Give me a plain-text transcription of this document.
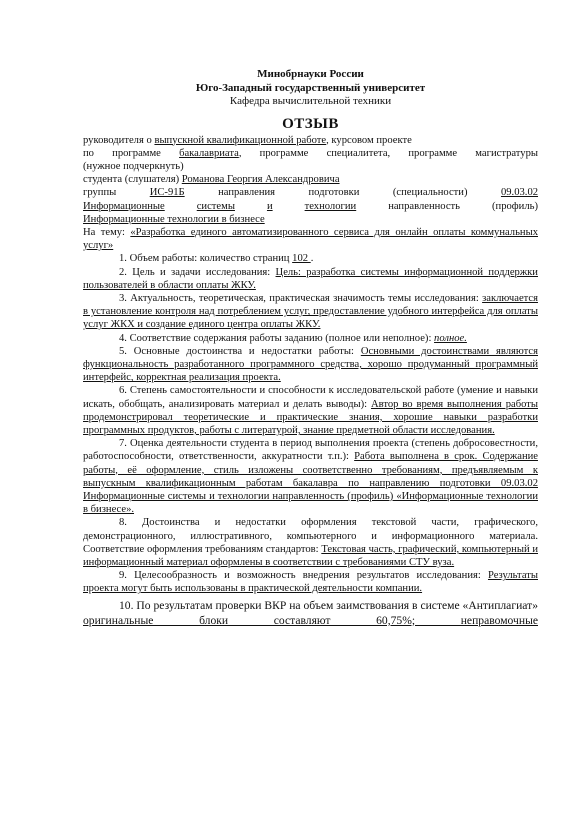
Минобрнауки России
Юго-Западный государственный университет
Кафедра вычислительной техники
ОТЗЫВ
руководителя о выпускной квалификационной работе, курсовом проекте
по программе бакалавриата, программе специалитета, программе магистратуры
(нужное подчеркнуть)
студента (слушателя) Романова Георгия Александровича
группы	ИС-91Б	направления	подготовки	(специальности)	09.03.02
Информационные	системы	и	технологии	направленность	(профиль)
Информационные технологии в бизнесе
На тему: «Разработка единого автоматизированного сервиса для онлайн оплаты коммунальных услуг»
1. Объем работы: количество страниц 102 .
2. Цель и задачи исследования: Цель: разработка системы информационной поддержки пользователей в области оплаты ЖКУ.
3. Актуальность, теоретическая, практическая значимость темы исследования: заключается в установление контроля над потреблением услуг, предоставление удобного интерфейса для оплаты услуг ЖКХ и создание единого центра оплаты ЖКУ.
4. Соответствие содержания работы заданию (полное или неполное): полное.
5. Основные достоинства и недостатки работы: Основными достоинствами являются функциональность разработанного программного средства, хорошо продуманный программный интерфейс, корректная реализация проекта.
6. Степень самостоятельности и способности к исследовательской работе (умение и навыки искать, обобщать, анализировать материал и делать выводы): Автор во время выполнения работы продемонстрировал теоретические и практические знания, хорошие навыки разработки программных продуктов, работы с литературой, знание предметной области исследования.
7. Оценка деятельности студента в период выполнения проекта (степень добросовестности, работоспособности, ответственности, аккуратности т.п.): Работа выполнена в срок. Содержание работы, её оформление, стиль изложены соответственно требованиям, предъявляемым к выпускным квалификационным работам бакалавра по направлению подготовки 09.03.02 Информационные системы и технологии направленность (профиль) «Информационные технологии в бизнесе».
8. Достоинства и недостатки оформления текстовой части, графического, демонстрационного, иллюстративного, компьютерного и информационного материала. Соответствие оформления требованиям стандартов: Текстовая часть, графический, компьютерный и информационный материал оформлены в соответствии с требованиями СТУ вуза.
9. Целесообразность и возможность внедрения результатов исследования: Результаты проекта могут быть использованы в практической деятельности компании.
10. По результатам проверки ВКР на объем заимствования в системе «Антиплагиат» оригинальные блоки составляют 60,75%; неправомочные
